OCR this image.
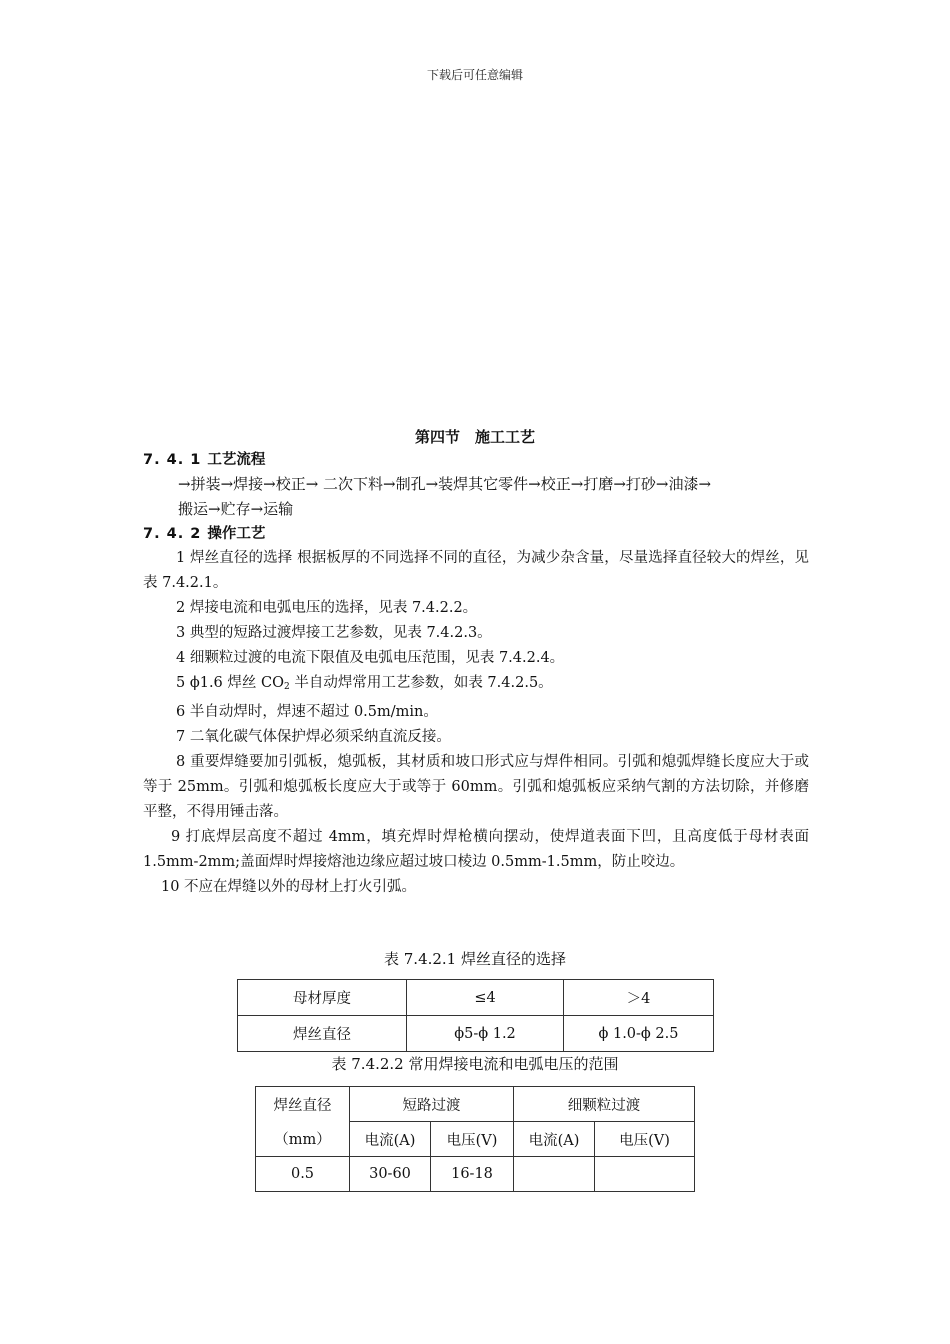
下载后可任意编辑
第四节　施工工艺

7. 4. 1 工艺流程

→拼装→焊接→校正→ 二次下料→制孔→装焊其它零件→校正→打磨→打砂→油漆→

搬运→贮存→运输

7. 4. 2 操作工艺

1 焊丝直径的选择 根据板厚的不同选择不同的直径，为减少杂含量，尽量选择直径较大的焊丝，见表 7.4.2.1。

2 焊接电流和电弧电压的选择，见表 7.4.2.2。

3 典型的短路过渡焊接工艺参数，见表 7.4.2.3。

4 细颗粒过渡的电流下限值及电弧电压范围，见表 7.4.2.4。

5 ϕ1.6 焊丝 $CO_2$ 半自动焊常用工艺参数，如表 7.4.2.5。

6 半自动焊时，焊速不超过 0.5m/min。

7 二氧化碳气体保护焊必须采纳直流反接。

8 重要焊缝要加引弧板，熄弧板，其材质和坡口形式应与焊件相同。引弧和熄弧焊缝长度应大于或等于 25mm。引弧和熄弧板长度应大于或等于 60mm。引弧和熄弧板应采纳气割的方法切除，并修磨平整，不得用锤击落。

9 打底焊层高度不超过 4mm，填充焊时焊枪横向摆动，使焊道表面下凹，且高度低于母材表面 1.5mm-2mm;盖面焊时焊接熔池边缘应超过坡口棱边 0.5mm-1.5mm，防止咬边。

10 不应在焊缝以外的母材上打火引弧。

表 7.4.2.1 焊丝直径的选择
母材厚度	≤4	＞4
焊丝直径	ϕ5-ϕ 1.2	ϕ 1.0-ϕ 2.5
表 7.4.2.2 常用焊接电流和电弧电压的范围
焊丝直径	短路过渡		细颗粒过渡	
（mm）	电流(A)	电压(V)	电流(A)	电压(V)
0.5	30-60	16-18		
